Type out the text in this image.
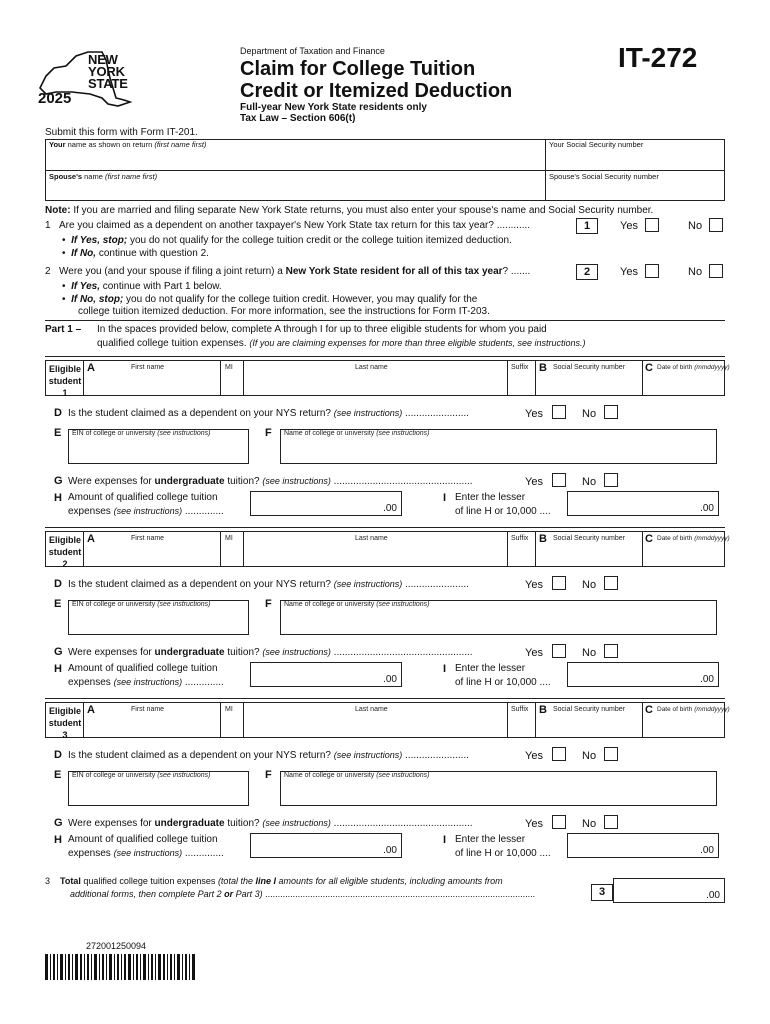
NEW
YORK
STATE
2025
Department of Taxation and Finance
Claim for College Tuition
Credit or Itemized Deduction
Full-year New York State residents only
Tax Law – Section 606(t)
IT-272
Submit this form with Form IT-201.
Your name as shown on return (first name first)	Your Social Security number
Spouse's name (first name first)	Spouse's Social Security number
Note: If you are married and filing separate New York State returns, you must also enter your spouse's name and Social Security number.
1 Are you claimed as a dependent on another taxpayer's New York State tax return for this tax year? ............	1	Yes	No
•  If Yes, stop; you do not qualify for the college tuition credit or the college tuition itemized deduction.
•  If No, continue with question 2.
2 Were you (and your spouse if filing a joint return) a New York State resident for all of this tax year? .......	2	Yes	No
•  If Yes, continue with Part 1 below.
•  If No, stop; you do not qualify for the college tuition credit. However, you may qualify for the
college tuition itemized deduction. For more information, see the instructions for Form IT-203.
Part 1 – In the spaces provided below, complete A through I for up to three eligible students for whom you paid
qualified college tuition expenses. (If you are claiming expenses for more than three eligible students, see instructions.)
Eligible
student
1
A	First name	MI	Last name	Suffix B Social Security number C Date of birth (mmddyyyy)
D Is the student claimed as a dependent on your NYS return? (see instructions) .......................	Yes	No
E EIN of college or university (see instructions)	F Name of college or university (see instructions)
G Were expenses for undergraduate tuition? (see instructions) ..................................................	Yes	No
H Amount of qualified college tuition
expenses (see instructions) ..............	.00
I Enter the lesser
of line H or 10,000 ....	.00
Eligible
student
2
A	First name	MI	Last name	Suffix B Social Security number C Date of birth (mmddyyyy)
D Is the student claimed as a dependent on your NYS return? (see instructions) .......................	Yes	No
E EIN of college or university (see instructions)	F Name of college or university (see instructions)
G Were expenses for undergraduate tuition? (see instructions) ..................................................	Yes	No
H Amount of qualified college tuition
expenses (see instructions) ..............	.00
I Enter the lesser
of line H or 10,000 ....	.00
Eligible
student
3
A	First name	MI	Last name	Suffix B Social Security number C Date of birth (mmddyyyy)
D Is the student claimed as a dependent on your NYS return? (see instructions) .......................	Yes	No
E EIN of college or university (see instructions)	F Name of college or university (see instructions)
G Were expenses for undergraduate tuition? (see instructions) ..................................................	Yes	No
H Amount of qualified college tuition
expenses (see instructions) ..............	.00
I Enter the lesser
of line H or 10,000 ....	.00
3 Total qualified college tuition expenses (total the line I amounts for all eligible students, including amounts from
additional forms, then complete Part 2 or Part 3) ............................................................................................................	3	.00
272001250094
